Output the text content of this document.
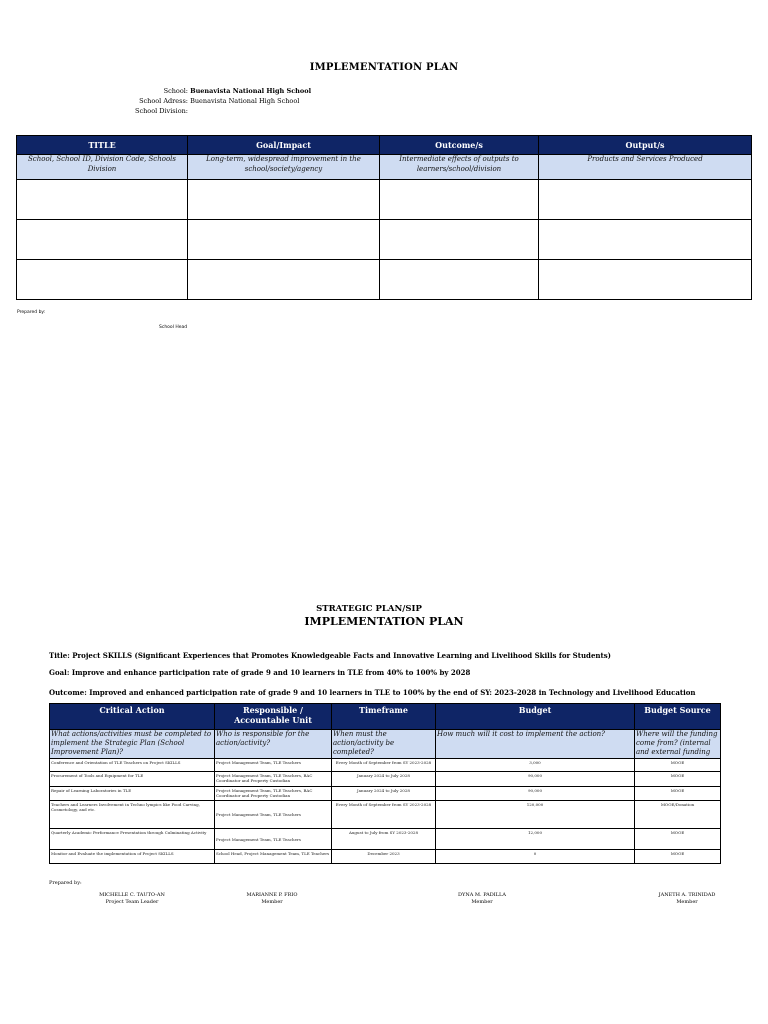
IMPLEMENTATION PLAN
School: Buenavista National High School
School Adress: Buenavista National High School
School Division:
TITLE	Goal/Impact	Outcome/s	Output/s
School, School ID, Division Code, Schools Division	Long-term, widespread improvement in the school/society/agency	Intermediate effects of outputs to learners/school/division	Products and Services Produced

Prepared by:
School Head
STRATEGIC PLAN/SIP
IMPLEMENTATION PLAN
Title: Project SKILLS (Significant Experiences that Promotes Knowledgeable Facts and Innovative Learning and Livelihood Skills for Students)
Goal: Improve and enhance participation rate of grade 9 and 10 learners in TLE from 40% to 100% by 2028
Outcome: Improved and enhanced participation rate of grade 9 and 10 learners in TLE to 100% by the end of SY: 2023-2028 in Technology and Livelihood Education
Critical Action	Responsible / Accountable Unit	Timeframe	Budget	Budget Source
What actions/activities must be completed to implement the Strategic Plan (School Improvement Plan)?	Who is responsible for the action/activity?	When must the action/activity be completed?	How much will it cost to implement the action?	Where will the funding come from? (internal and external funding
Conference and Orientation of TLE Teachers on Project SKILLS	Project Management Team, TLE Teachers	Every Month of September from SY 2023-2028	3,000	MOOE
Procurement of Tools and Equipment for TLE	Project Management Team, TLE Teachers, BAC Coordinator and Property Custodian	January 2024 to July 2028	90,000	MOOE
Repair of Learning Laboratories in TLE	Project Management Team, TLE Teachers, BAC Coordinator and Property Custodian	January 2024 to July 2028	90,000	MOOE
Teachers and Learners Involvement in Techno lympics like Food Carving, Cosmetology, and etc.	Project Management Team, TLE Teachers	Every Month of September from SY 2023-2028	120,000	MOOE/Donation
Quarterly Academic Performance Presentation through Culminating Activity	Project Management Team, TLE Teachers	August to July from SY 2023-2028	12,000	MOOE
Monitor and Evaluate the implementation of Project SKILLS	School Head, Project Management Team, TLE Teachers	December 2023	0	MOOE
Prepared by:
MICHELLE C. TAUTO-AN
Project Team Leader
MARIANNE P. FRIO
Member
DYNA M. PADILLA
Member
JANETH A. TRINIDAD
Member
